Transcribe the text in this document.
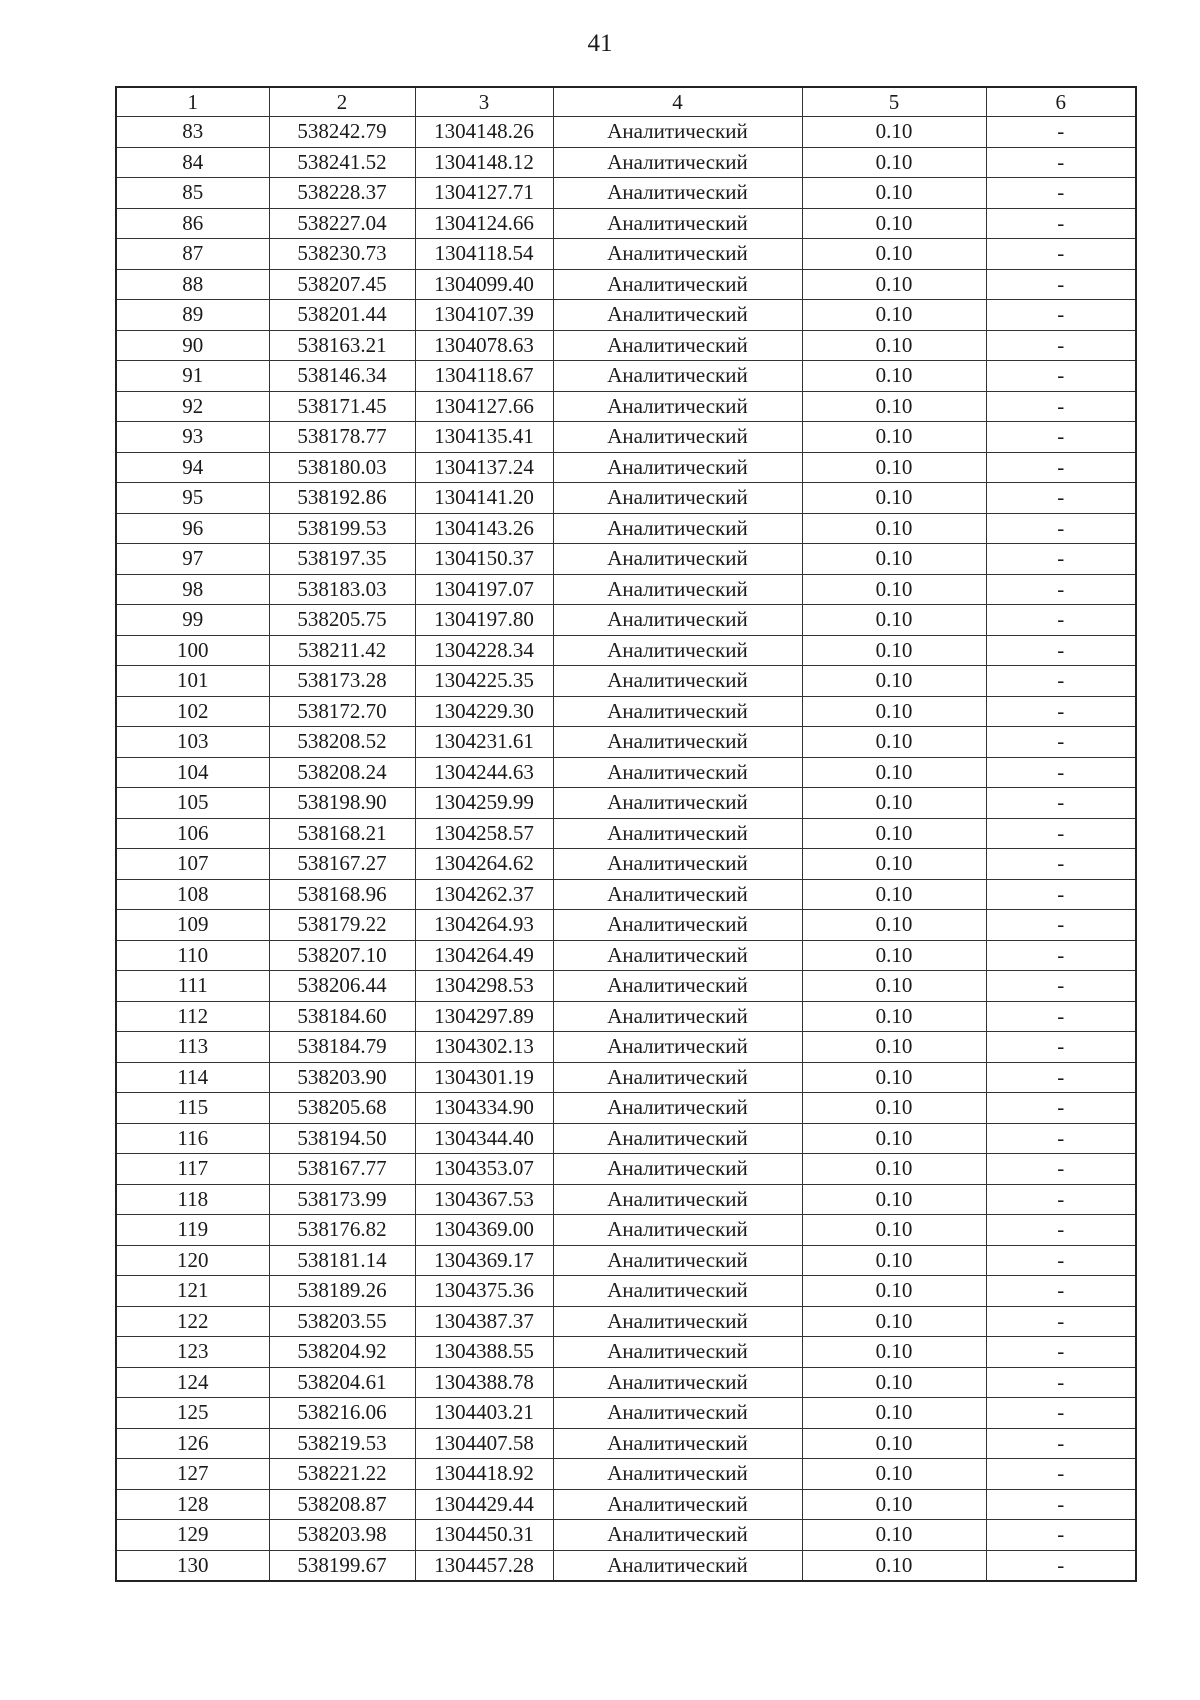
41
1	2	3	4	5	6
83	538242.79	1304148.26	Аналитический	0.10	-
84	538241.52	1304148.12	Аналитический	0.10	-
85	538228.37	1304127.71	Аналитический	0.10	-
86	538227.04	1304124.66	Аналитический	0.10	-
87	538230.73	1304118.54	Аналитический	0.10	-
88	538207.45	1304099.40	Аналитический	0.10	-
89	538201.44	1304107.39	Аналитический	0.10	-
90	538163.21	1304078.63	Аналитический	0.10	-
91	538146.34	1304118.67	Аналитический	0.10	-
92	538171.45	1304127.66	Аналитический	0.10	-
93	538178.77	1304135.41	Аналитический	0.10	-
94	538180.03	1304137.24	Аналитический	0.10	-
95	538192.86	1304141.20	Аналитический	0.10	-
96	538199.53	1304143.26	Аналитический	0.10	-
97	538197.35	1304150.37	Аналитический	0.10	-
98	538183.03	1304197.07	Аналитический	0.10	-
99	538205.75	1304197.80	Аналитический	0.10	-
100	538211.42	1304228.34	Аналитический	0.10	-
101	538173.28	1304225.35	Аналитический	0.10	-
102	538172.70	1304229.30	Аналитический	0.10	-
103	538208.52	1304231.61	Аналитический	0.10	-
104	538208.24	1304244.63	Аналитический	0.10	-
105	538198.90	1304259.99	Аналитический	0.10	-
106	538168.21	1304258.57	Аналитический	0.10	-
107	538167.27	1304264.62	Аналитический	0.10	-
108	538168.96	1304262.37	Аналитический	0.10	-
109	538179.22	1304264.93	Аналитический	0.10	-
110	538207.10	1304264.49	Аналитический	0.10	-
111	538206.44	1304298.53	Аналитический	0.10	-
112	538184.60	1304297.89	Аналитический	0.10	-
113	538184.79	1304302.13	Аналитический	0.10	-
114	538203.90	1304301.19	Аналитический	0.10	-
115	538205.68	1304334.90	Аналитический	0.10	-
116	538194.50	1304344.40	Аналитический	0.10	-
117	538167.77	1304353.07	Аналитический	0.10	-
118	538173.99	1304367.53	Аналитический	0.10	-
119	538176.82	1304369.00	Аналитический	0.10	-
120	538181.14	1304369.17	Аналитический	0.10	-
121	538189.26	1304375.36	Аналитический	0.10	-
122	538203.55	1304387.37	Аналитический	0.10	-
123	538204.92	1304388.55	Аналитический	0.10	-
124	538204.61	1304388.78	Аналитический	0.10	-
125	538216.06	1304403.21	Аналитический	0.10	-
126	538219.53	1304407.58	Аналитический	0.10	-
127	538221.22	1304418.92	Аналитический	0.10	-
128	538208.87	1304429.44	Аналитический	0.10	-
129	538203.98	1304450.31	Аналитический	0.10	-
130	538199.67	1304457.28	Аналитический	0.10	-
